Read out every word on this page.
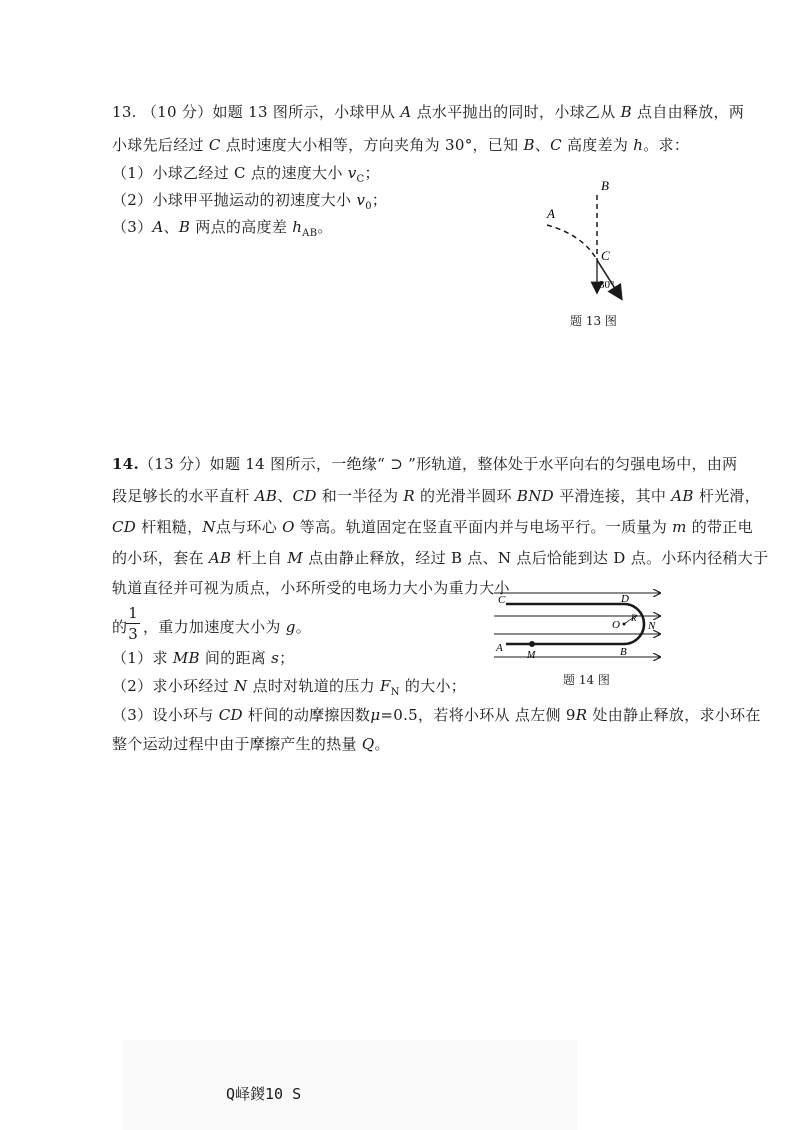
13. （10 分）如题 13 图所示，小球甲从 A 点水平抛出的同时，小球乙从 B 点自由释放，两
小球先后经过 C 点时速度大小相等，方向夹角为 30°，已知 B、C 高度差为 h。求：
（1）小球乙经过 C 点的速度大小 $v_C$；
（2）小球甲平抛运动的初速度大小 $v_0$；
（3）A、B 两点的高度差 $h_{AB}$。
B
A
C
30°
题 13 图
14.（13 分）如题 14 图所示，一绝缘“ ⊃ ”形轨道，整体处于水平向右的匀强电场中，由两
段足够长的水平直杆 AB、CD 和一半径为 R 的光滑半圆环 BND 平滑连接，其中 AB 杆光滑，
CD 杆粗糙，N点与环心 O 等高。轨道固定在竖直平面内并与电场平行。一质量为 m 的带正电
的小环，套在 AB 杆上自 M 点由静止释放，经过 B 点、N 点后恰能到达 D 点。小环内径稍大于
轨道直径并可视为质点，小环所受的电场力大小为重力大小
的
1
3 ，重力加速度大小为 g。
（1）求 MB 间的距离 s；
（2）求小环经过 N 点时对轨道的压力 $F_N$ 的大小；
（3）设小环与 CD 杆间的动摩擦因数μ=0.5，若将小环从 点左侧 9R 处由静止释放，求小环在
整个运动过程中由于摩擦产生的热量 Q。
C	D
O
R
N
A
M	B
题 14 图
Q峄鍐10 S
